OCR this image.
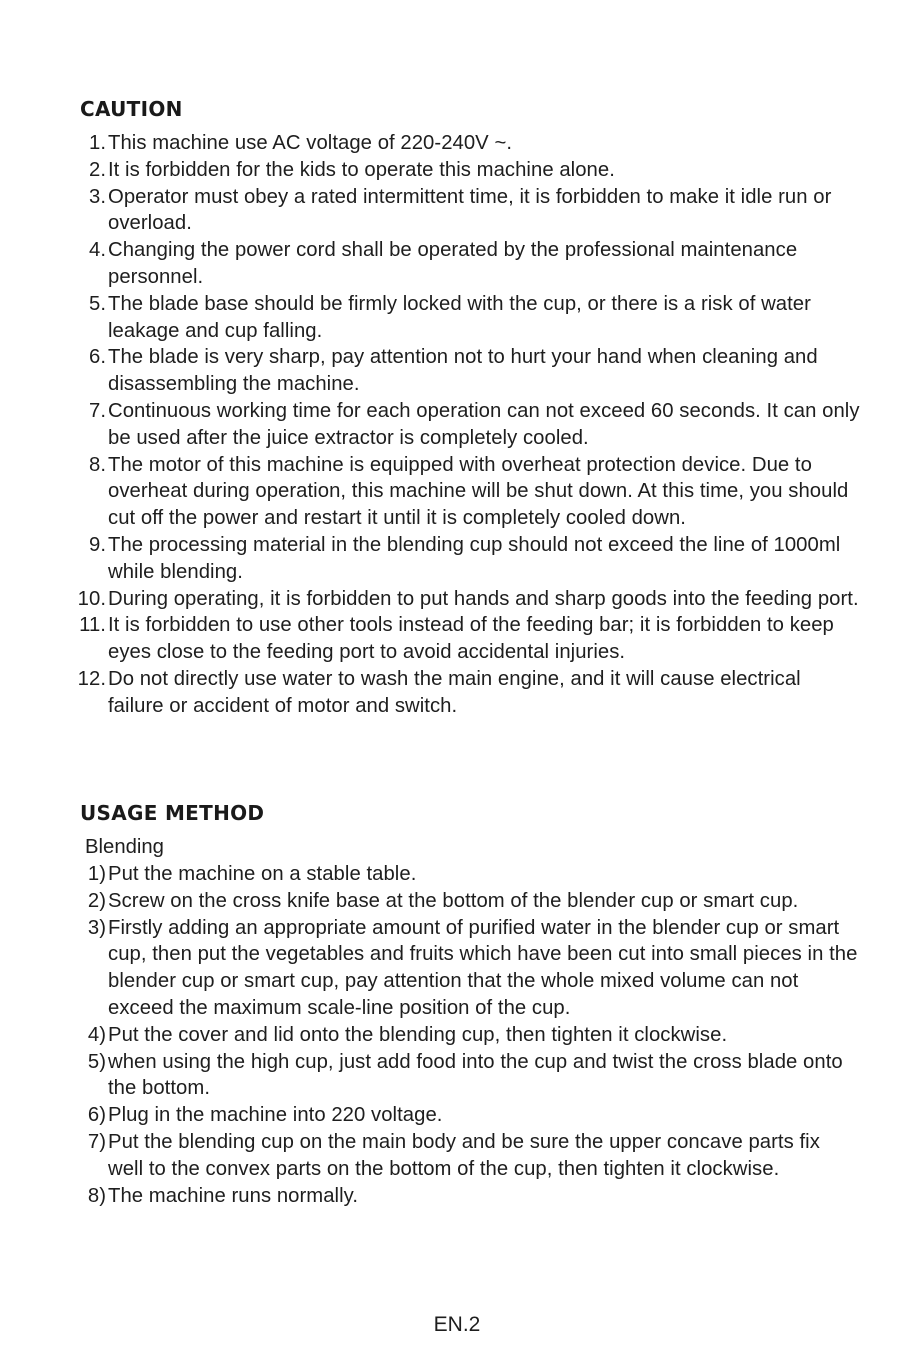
CAUTION
1. This machine use AC voltage of 220-240V ~.
2. It is forbidden for the kids to operate this machine alone.
3. Operator must obey a rated intermittent time, it is forbidden to make it idle run or overload.
4. Changing the power cord shall be operated by the professional maintenance personnel.
5. The blade base should be firmly locked with the cup, or there is a risk of water leakage and cup falling.
6. The blade is very sharp, pay attention not to hurt your hand when cleaning and disassembling the machine.
7. Continuous working time for each operation can not exceed 60 seconds. It can only be used after the juice extractor is completely cooled.
8. The motor of this machine is equipped with overheat protection device. Due to overheat during operation, this machine will be shut down. At this time, you should cut off the power and restart it until it is completely cooled down.
9. The processing material in the blending cup should not exceed the line of 1000ml while blending.
10. During operating, it is forbidden to put hands and sharp goods into the feeding port.
11. It is forbidden to use other tools instead of the feeding bar; it is forbidden to keep eyes close to the feeding port to avoid accidental injuries.
12. Do not directly use water to wash the main engine, and it will cause electrical failure or accident of motor and switch.
USAGE METHOD

Blending

1) Put the machine on a stable table.
2) Screw on the cross knife base at the bottom of the blender cup or smart cup.
3) Firstly adding an appropriate amount of purified water in the blender cup or smart cup, then put the vegetables and fruits which have been cut into small pieces in the blender cup or smart cup, pay attention that the whole mixed volume can not exceed the maximum scale-line position of the cup.
4) Put the cover and lid onto the blending cup, then tighten it clockwise.
5) when using the high cup, just add food into the cup and twist the cross blade onto the bottom.
6) Plug in the machine into 220 voltage.
7) Put the blending cup on the main body and be sure the upper concave parts fix well to the convex parts on the bottom of the cup, then tighten it clockwise.
8) The machine runs normally.
EN.2
